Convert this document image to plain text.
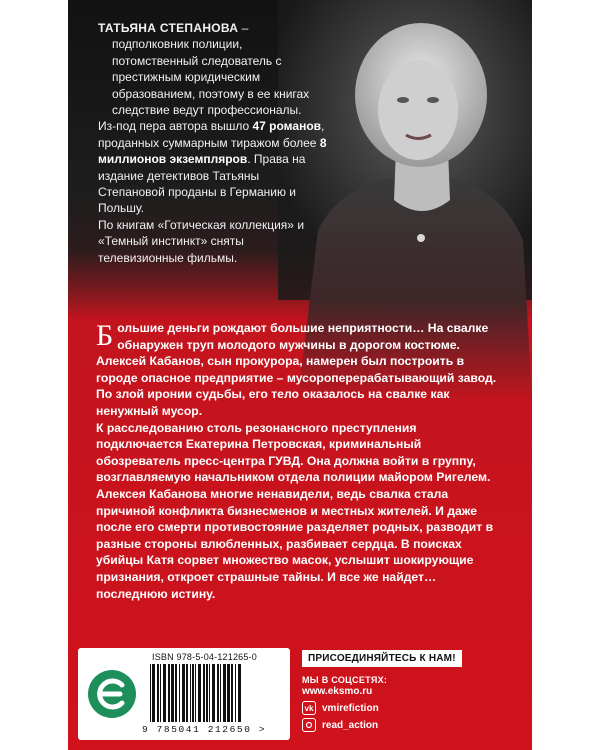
ТАТЬЯНА СТЕПАНОВА –
подполковник полиции, потомственный следователь с престижным юридическим образованием, поэтому в ее книгах следствие ведут профессионалы.
Из-под пера автора вышло 47 романов, проданных суммарным тиражом более 8 миллионов экземпляров. Права на издание детективов Татьяны Степановой проданы в Германию и Польшу.
По книгам «Готическая коллекция» и «Темный инстинкт» сняты телевизионные фильмы.

Большие деньги рождают большие неприятности… На свалке обнаружен труп молодого мужчины в дорогом костюме. Алексей Кабанов, сын прокурора, намерен был построить в городе опасное предприятие – мусороперерабатывающий завод. По злой иронии судьбы, его тело оказалось на свалке как ненужный мусор.

К расследованию столь резонансного преступления подключается Екатерина Петровская, криминальный обозреватель пресс-центра ГУВД. Она должна войти в группу, возглавляемую начальником отдела полиции майором Ригелем. Алексея Кабанова многие ненавидели, ведь свалка стала причиной конфликта бизнесменов и местных жителей. И даже после его смерти противостояние разделяет родных, разводит в разные стороны влюбленных, разбивает сердца. В поисках убийцы Катя сорвет множество масок, услышит шокирующие признания, откроет страшные тайны. И все же найдет… последнюю истину.

ISBN 978-5-04-121265-0
9 785041 212650 >
ПРИСОЕДИНЯЙТЕСЬ К НАМ!
МЫ В СОЦСЕТЯХ:
www.eksmo.ru
vk vmirefiction
read_action
